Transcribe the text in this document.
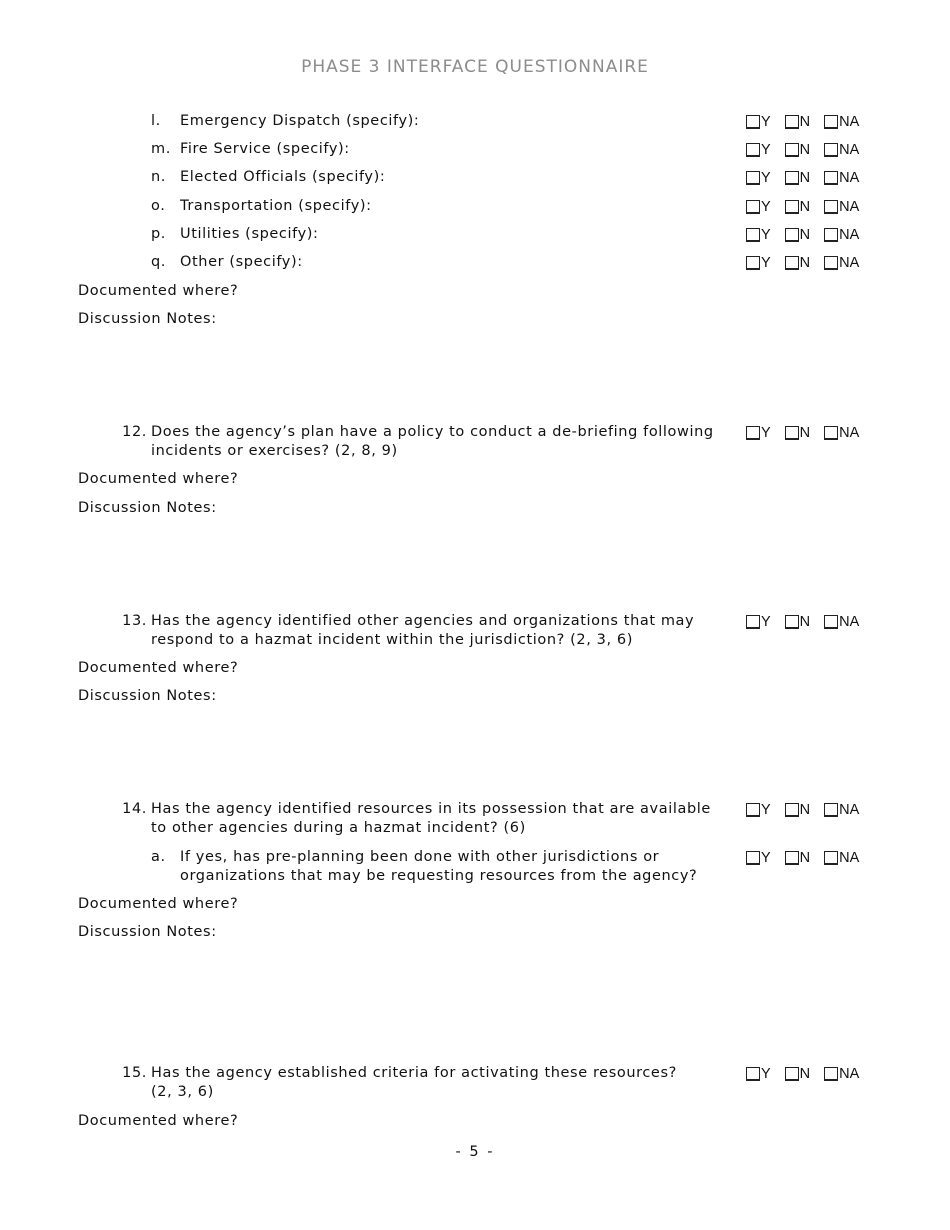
PHASE 3 INTERFACE QUESTIONNAIRE
l. Emergency Dispatch (specify):
m. Fire Service (specify):
n. Elected Officials (specify):
o. Transportation (specify):
p. Utilities (specify):
q. Other (specify):
Documented where?
Discussion Notes:
12. Does the agency’s plan have a policy to conduct a de-briefing following
incidents or exercises? (2, 8, 9)
Documented where?
Discussion Notes:
13. Has the agency identified other agencies and organizations that may
respond to a hazmat incident within the jurisdiction? (2, 3, 6)
Documented where?
Discussion Notes:
14. Has the agency identified resources in its possession that are available
to other agencies during a hazmat incident? (6)
a. If yes, has pre-planning been done with other jurisdictions or
organizations that may be requesting resources from the agency?
Documented where?
Discussion Notes:
15. Has the agency established criteria for activating these resources?
(2, 3, 6)
Documented where?
Y N NA
Y N NA
Y N NA
Y N NA
Y N NA
Y N NA
Y N NA
Y N NA
Y N NA
Y N NA
Y N NA
- 5 -
